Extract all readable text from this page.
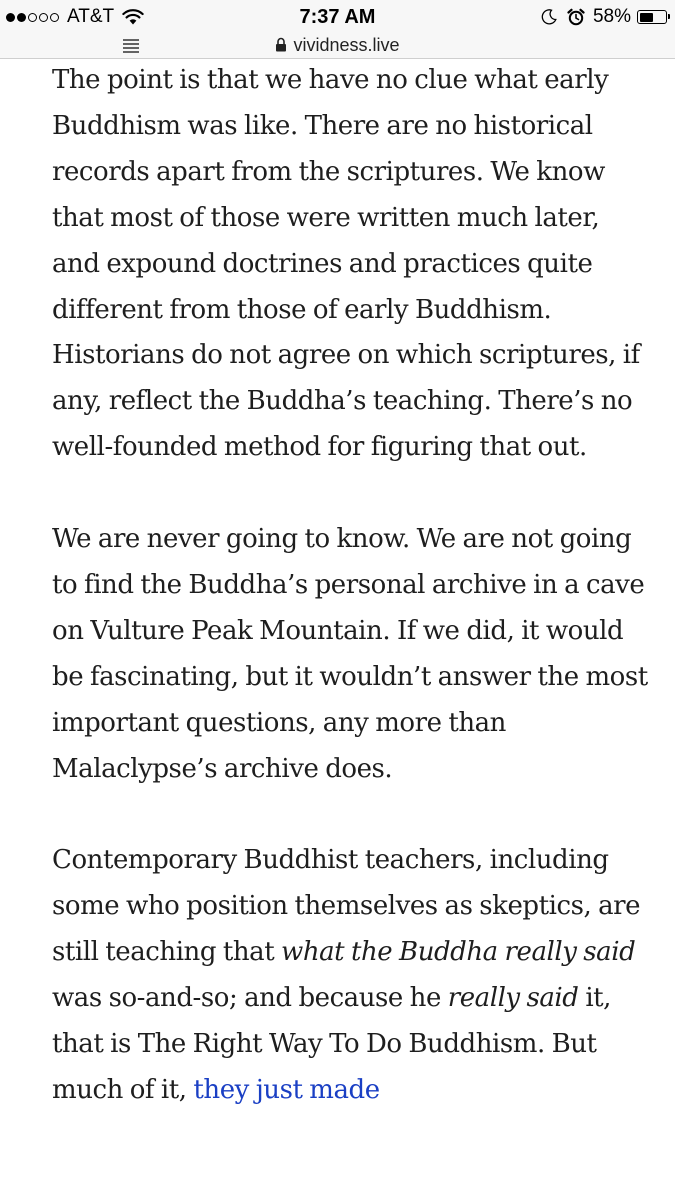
AT&T	7:37 AM	58%
vividness.live

The point is that we have no clue what early Buddhism was like. There are no historical records apart from the scriptures. We know that most of those were written much later, and expound doctrines and practices quite different from those of early Buddhism. Historians do not agree on which scriptures, if any, reflect the Buddha’s teaching. There’s no well-founded method for figuring that out.

We are never going to know. We are not going to find the Buddha’s personal archive in a cave on Vulture Peak Mountain. If we did, it would be fascinating, but it wouldn’t answer the most important questions, any more than Malaclypse’s archive does.

Contemporary Buddhist teachers, including some who position themselves as skeptics, are still teaching that what the Buddha really said was so-and-so; and because he really said it, that is The Right Way To Do Buddhism. But much of it, they just made
